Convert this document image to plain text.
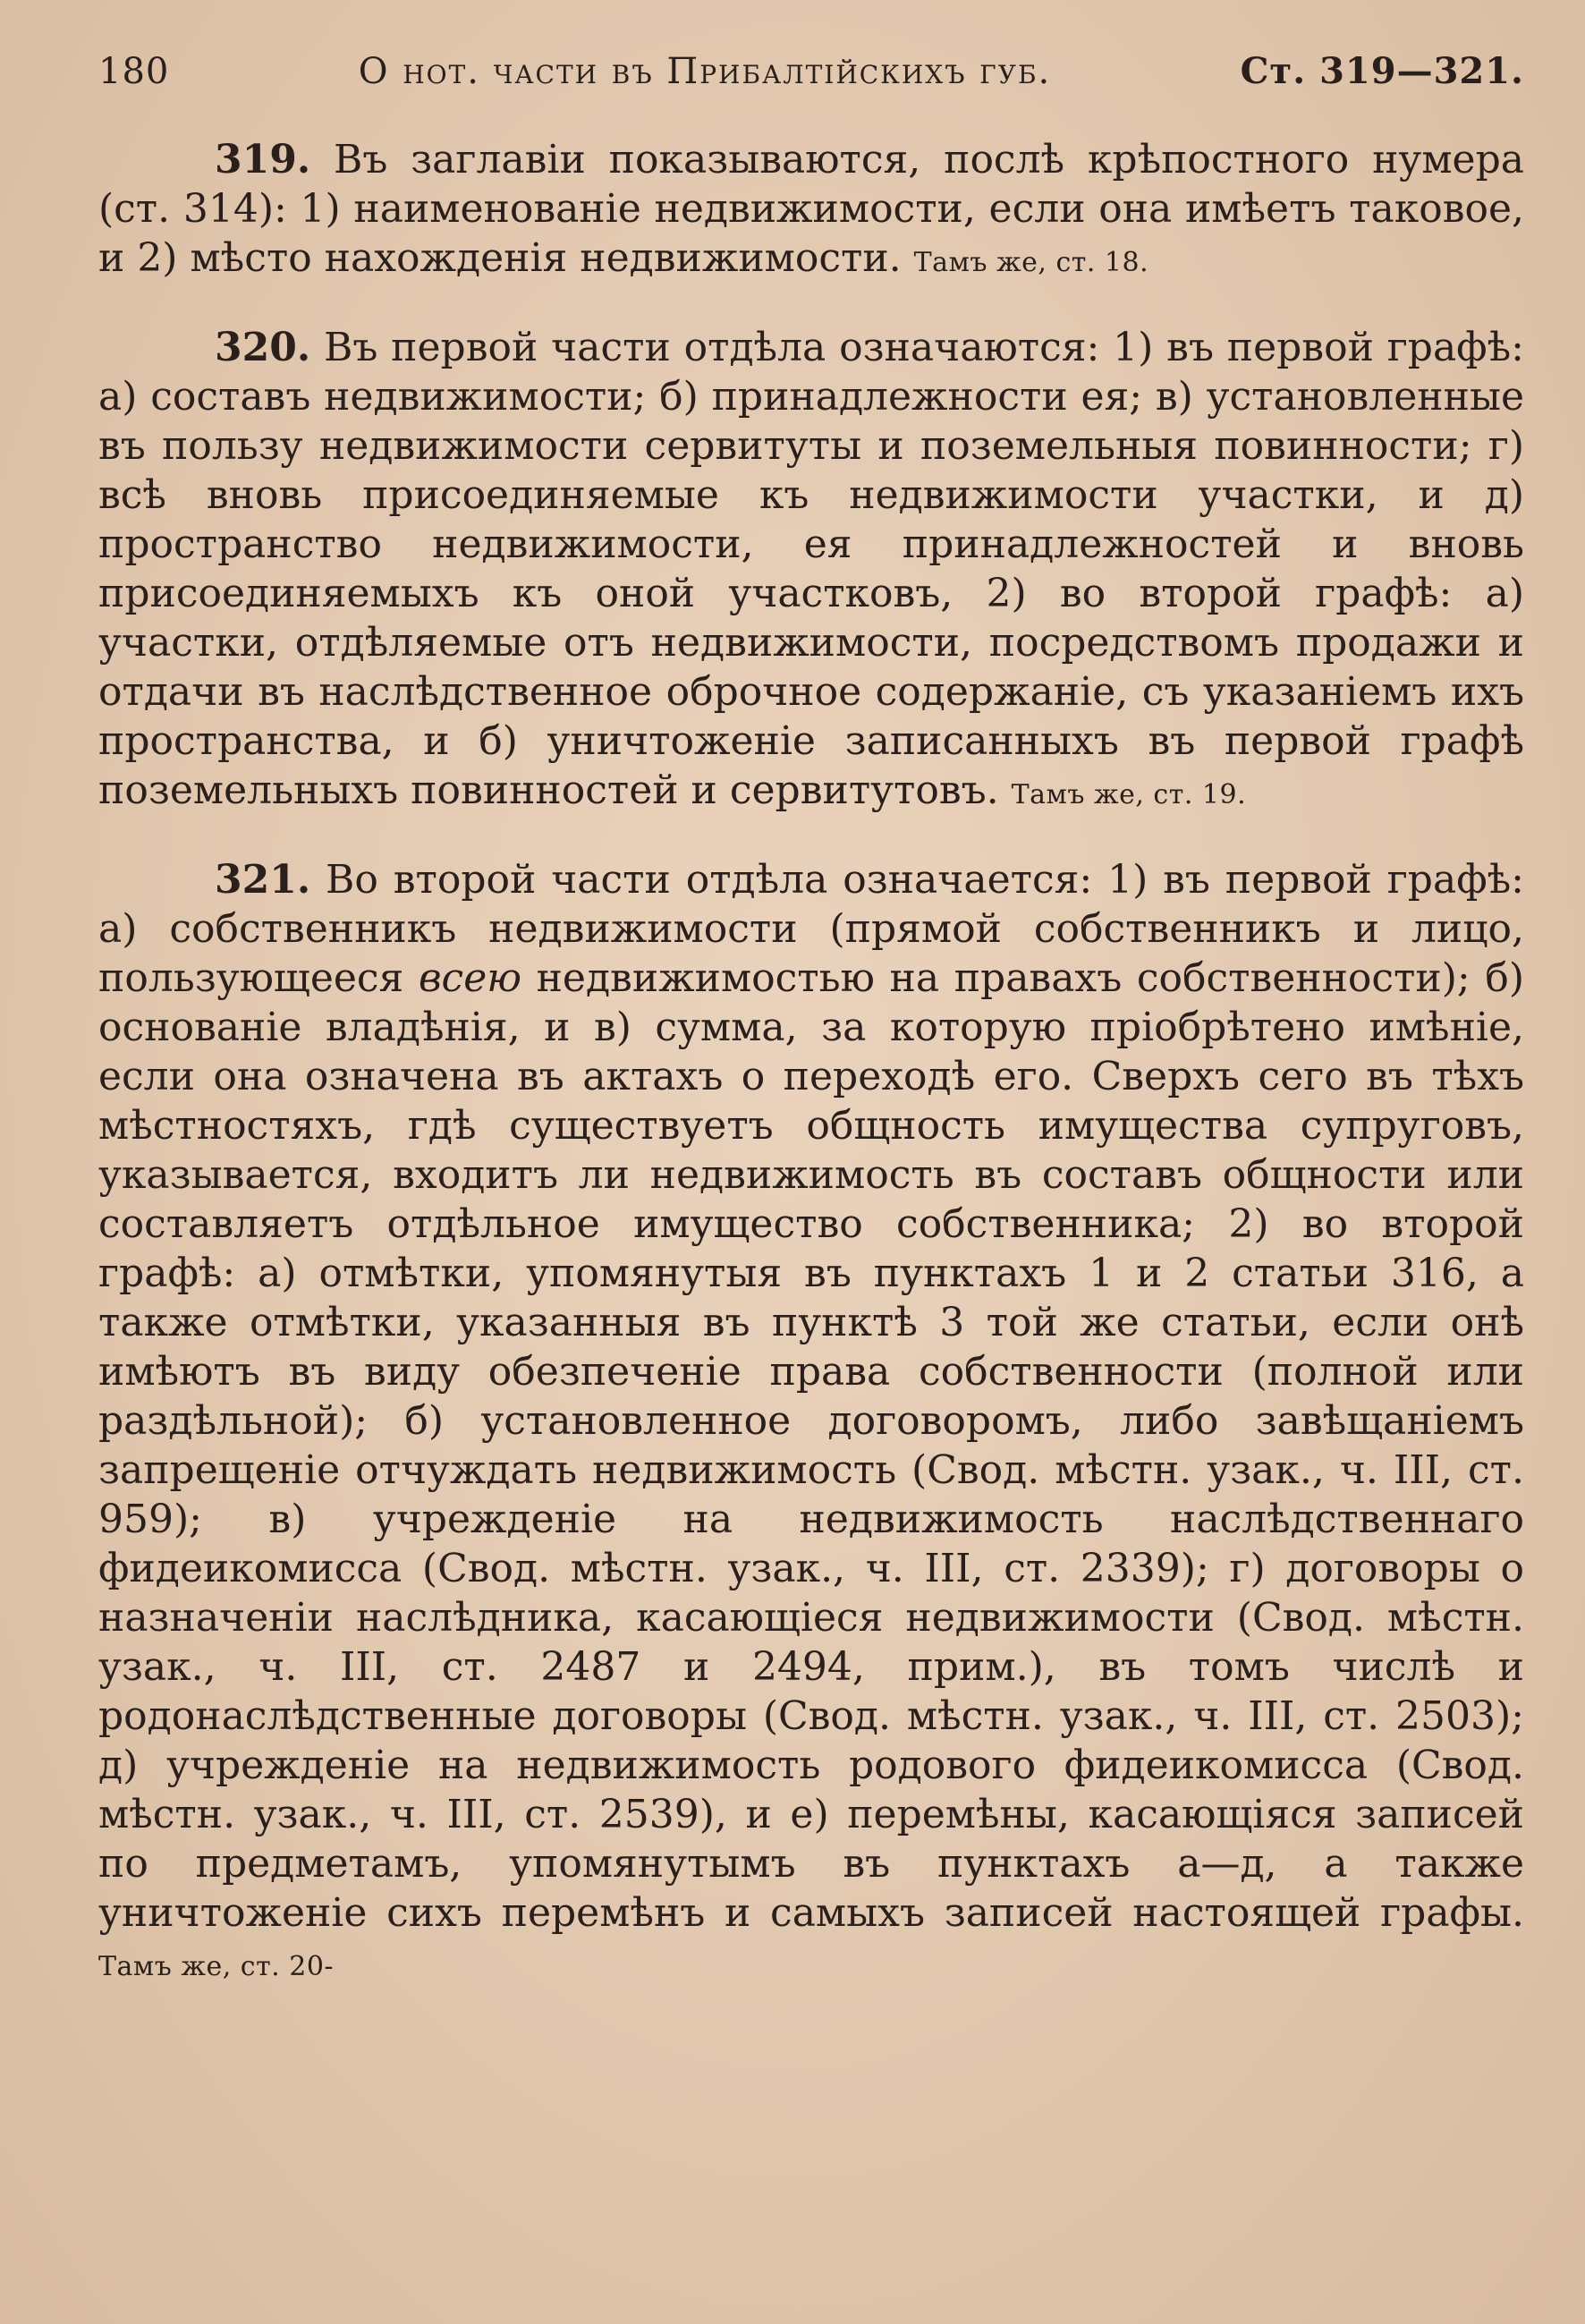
180	О нот. части въ Прибалтійскихъ губ.	Ст. 319—321.

319. Въ заглавіи показываются, послѣ крѣпостного нумера (ст. 314): 1) наименованіе недвижимости, если она имѣетъ таковое, и 2) мѣсто нахожденія недвижимости. Тамъ же, ст. 18.

320. Въ первой части отдѣла означаются: 1) въ первой графѣ: а) составъ недвижимости; б) принадлежности ея; в) установленные въ пользу недвижимости сервитуты и поземельныя повинности; г) всѣ вновь присоединяемые къ недвижимости участки, и д) пространство недвижимости, ея принадлежностей и вновь присоединяемыхъ къ оной участковъ, 2) во второй графѣ: а) участки, отдѣляемые отъ недвижимости, посредствомъ продажи и отдачи въ наслѣдственное оброчное содержаніе, съ указаніемъ ихъ пространства, и б) уничтоженіе записанныхъ въ первой графѣ поземельныхъ повинностей и сервитутовъ. Тамъ же, ст. 19.

321. Во второй части отдѣла означается: 1) въ первой графѣ: а) собственникъ недвижимости (прямой собственникъ и лицо, пользующееся всею недвижимостью на правахъ собственности); б) основаніе владѣнія, и в) сумма, за которую пріобрѣтено имѣніе, если она означена въ актахъ о переходѣ его. Сверхъ сего въ тѣхъ мѣстностяхъ, гдѣ существуетъ общность имущества супруговъ, указывается, входитъ ли недвижимость въ составъ общности или составляетъ отдѣльное имущество собственника; 2) во второй графѣ: а) отмѣтки, упомянутыя въ пунктахъ 1 и 2 статьи 316, а также отмѣтки, указанныя въ пунктѣ 3 той же статьи, если онѣ имѣютъ въ виду обезпеченіе права собственности (полной или раздѣльной); б) установленное договоромъ, либо завѣщаніемъ запрещеніе отчуждать недвижимость (Свод. мѣстн. узак., ч. III, ст. 959); в) учрежденіе на недвижимость наслѣдственнаго фидеикомисса (Свод. мѣстн. узак., ч. III, ст. 2339); г) договоры о назначеніи наслѣдника, касающіеся недвижимости (Свод. мѣстн. узак., ч. III, ст. 2487 и 2494, прим.), въ томъ числѣ и родонаслѣдственные договоры (Свод. мѣстн. узак., ч. III, ст. 2503); д) учрежденіе на недвижимость родового фидеикомисса (Свод. мѣстн. узак., ч. III, ст. 2539), и е) перемѣны, касающіяся записей по предметамъ, упомянутымъ въ пунктахъ а—д, а также уничтоженіе сихъ перемѣнъ и самыхъ записей настоящей графы. Тамъ же, ст. 20-
